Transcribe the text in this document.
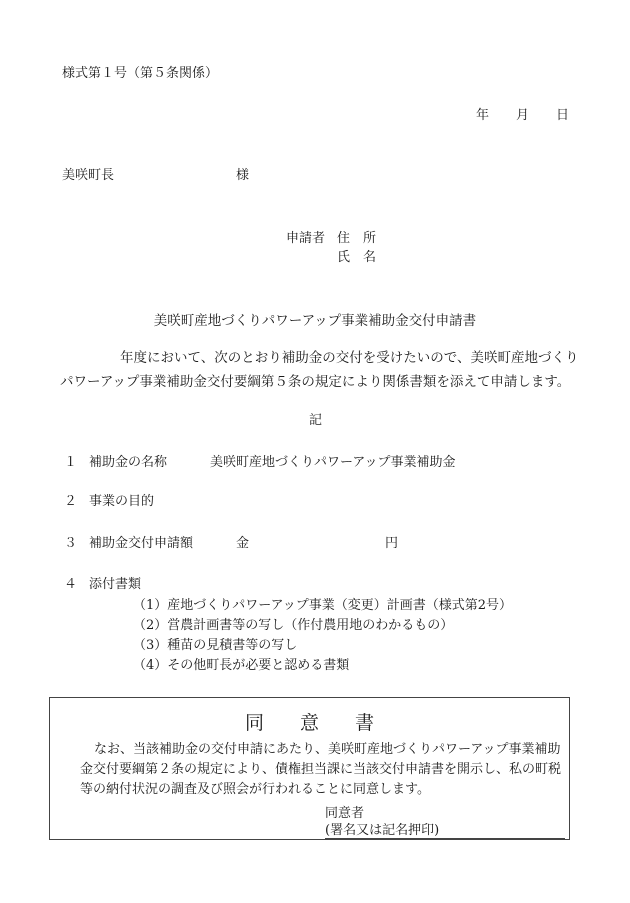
様式第１号（第５条関係）
年 月 日
美咲町長	様
申請者 住　所
氏　名
美咲町産地づくりパワーアップ事業補助金交付申請書
年度において、次のとおり補助金の交付を受けたいので、美咲町産地づくり
パワーアップ事業補助金交付要綱第５条の規定により関係書類を添えて申請します。
記
１ 補助金の名称	美咲町産地づくりパワーアップ事業補助金
２ 事業の目的
３ 補助金交付申請額	金	円
４ 添付書類
（1）産地づくりパワーアップ事業（変更）計画書（様式第2号）
（2）営農計画書等の写し（作付農用地のわかるもの）
（3）種苗の見積書等の写し
（4）その他町長が必要と認める書類
同意書
なお、当該補助金の交付申請にあたり、美咲町産地づくりパワーアップ事業補助
金交付要綱第２条の規定により、債権担当課に当該交付申請書を開示し、私の町税
等の納付状況の調査及び照会が行われることに同意します。
同意者
(署名又は記名押印)
